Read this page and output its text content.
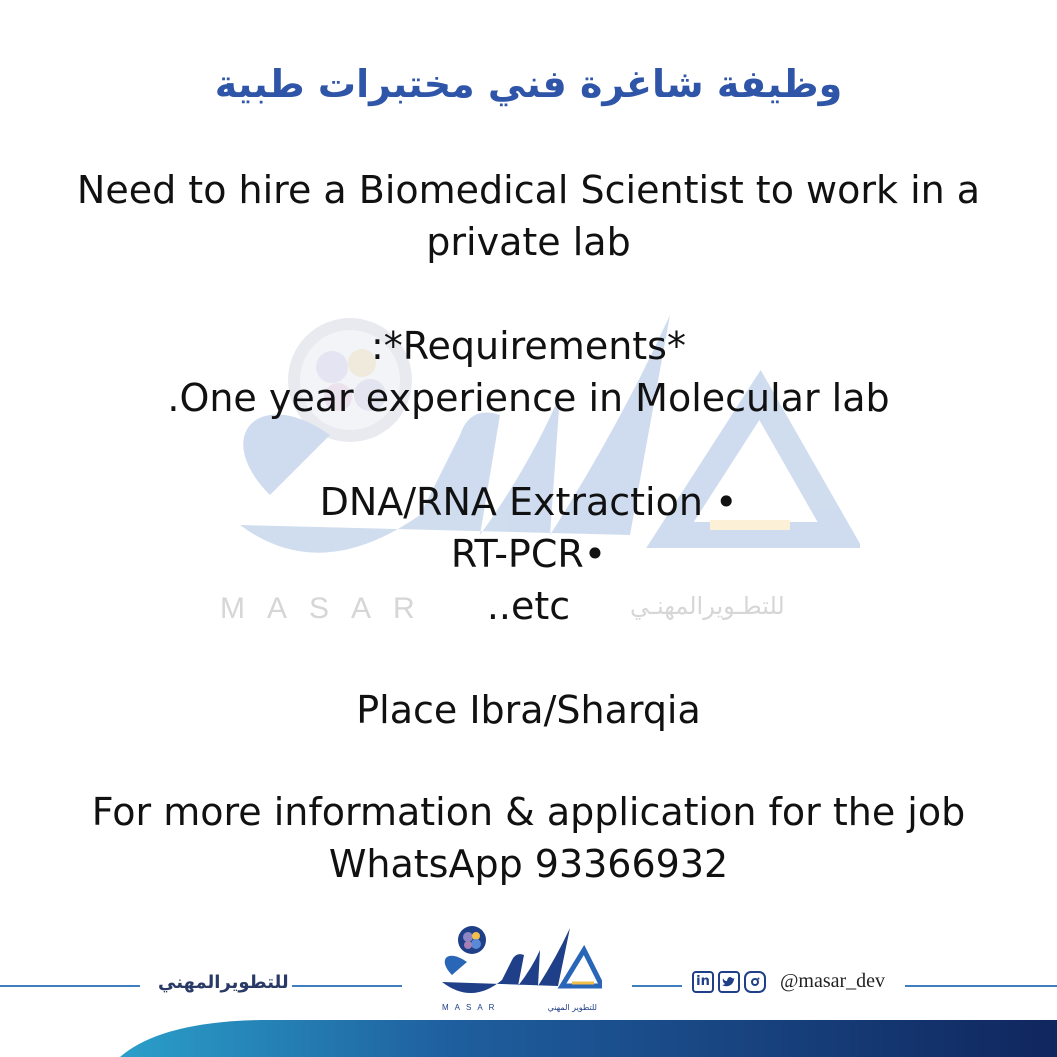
MASAR	للتطـويرالمهنـي
وظيفة شاغرة فني مختبرات طبية
Need to hire a Biomedical Scientist to work in a
private lab
:*Requirements*
.One year experience in Molecular lab
DNA/RNA Extraction •
RT-PCR•
..etc
Place Ibra/Sharqia
For more information & application for the job
WhatsApp 93366932
للتطويرالمهني
MASAR	للتطوير المهني
in	@masar_dev
